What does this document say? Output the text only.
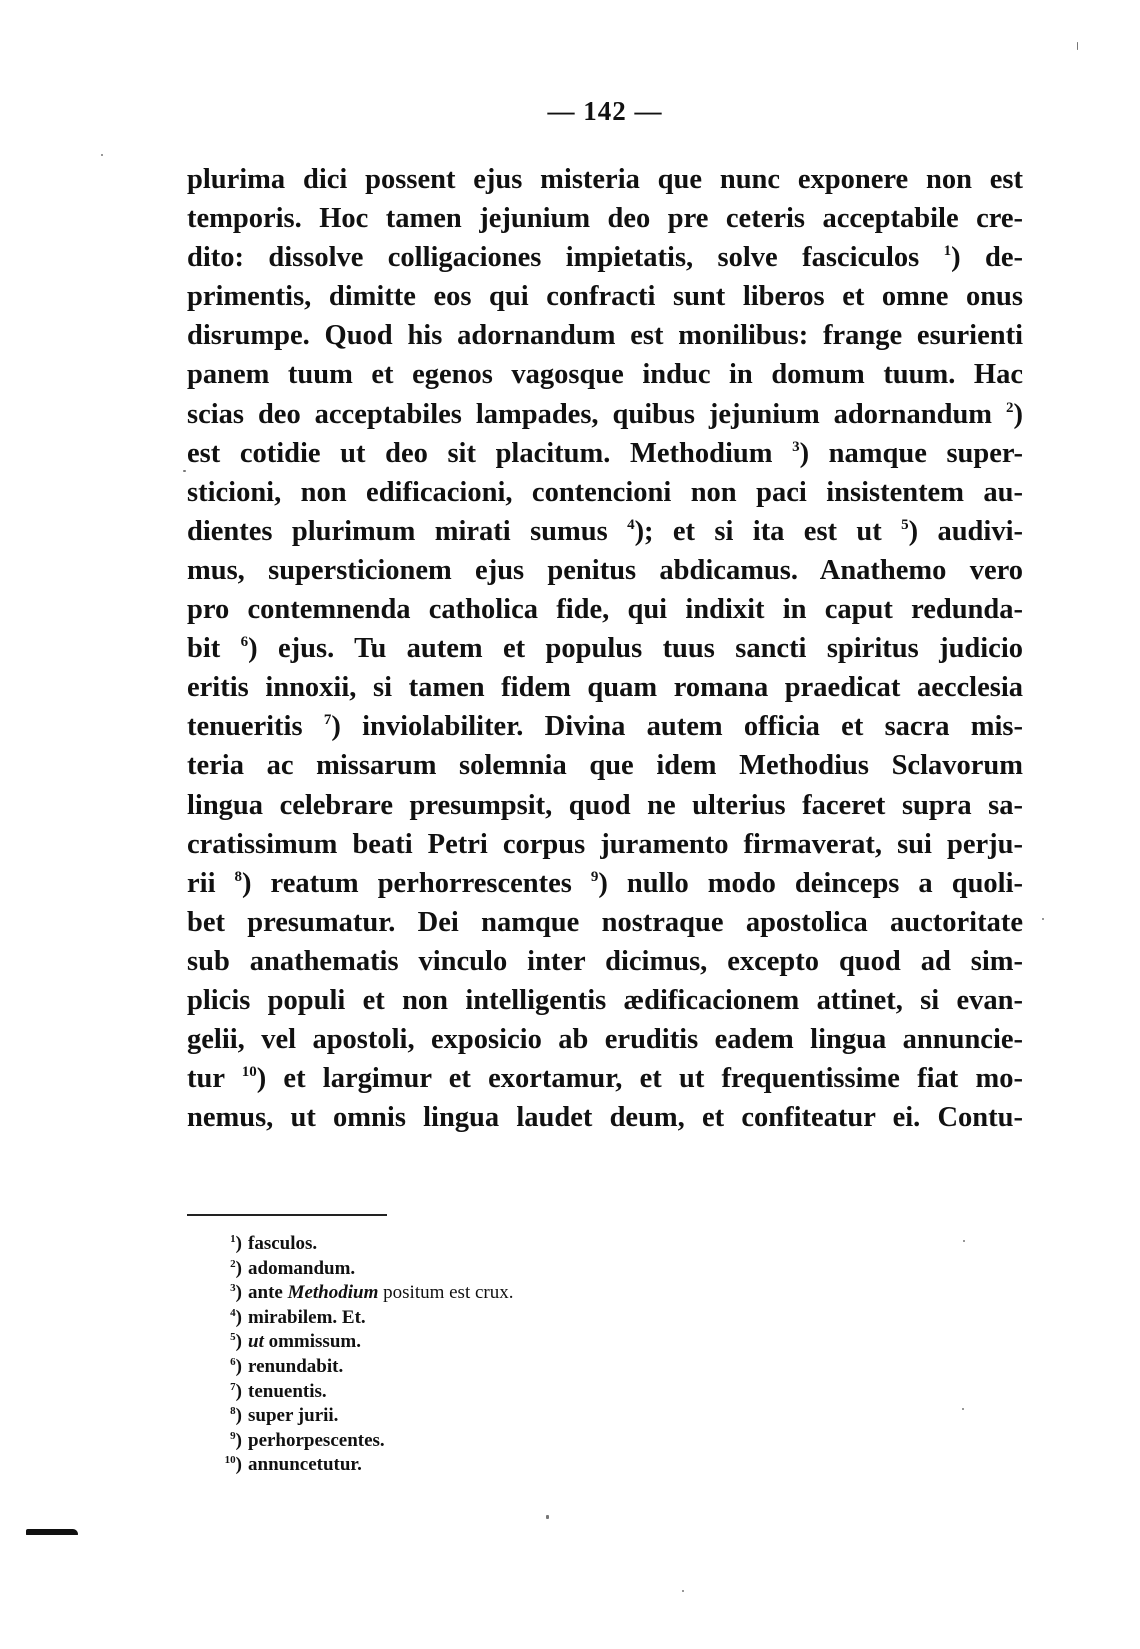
— 142 —
plurima dici possent ejus misteria que nunc exponere non est
temporis. Hoc tamen jejunium deo pre ceteris acceptabile cre-
dito: dissolve colligaciones impietatis, solve fasciculos $^1$) de-
primentis, dimitte eos qui confracti sunt liberos et omne onus
disrumpe. Quod his adornandum est monilibus: frange esurienti
panem tuum et egenos vagosque induc in domum tuum. Hac
scias deo acceptabiles lampades, quibus jejunium adornandum $^2$)
est cotidie ut deo sit placitum. Methodium $^3$) namque super-
sticioni, non edificacioni, contencioni non paci insistentem au-
dientes plurimum mirati sumus $^4$); et si ita est ut $^5$) audivi-
mus, supersticionem ejus penitus abdicamus. Anathemo vero
pro contemnenda catholica fide, qui indixit in caput redunda-
bit $^6$) ejus. Tu autem et populus tuus sancti spiritus judicio
eritis innoxii, si tamen fidem quam romana praedicat aecclesia
tenueritis $^7$) inviolabiliter. Divina autem officia et sacra mis-
teria ac missarum solemnia que idem Methodius Sclavorum
lingua celebrare presumpsit, quod ne ulterius faceret supra sa-
cratissimum beati Petri corpus juramento firmaverat, sui perju-
rii $^8$) reatum perhorrescentes $^9$) nullo modo deinceps a quoli-
bet presumatur. Dei namque nostraque apostolica auctoritate
sub anathematis vinculo inter dicimus, excepto quod ad sim-
plicis populi et non intelligentis ædificacionem attinet, si evan-
gelii, vel apostoli, exposicio ab eruditis eadem lingua annuncie-
tur $^{10}$) et largimur et exortamur, et ut frequentissime fiat mo-
nemus, ut omnis lingua laudet deum, et confiteatur ei. Contu-
$^1$) fasculos.
$^2$) adomandum.
$^3$) ante Methodium positum est crux.
$^4$) mirabilem. Et.
$^5$) ut ommissum.
$^6$) renundabit.
$^7$) tenuentis.
$^8$) super jurii.
$^9$) perhorpescentes.
$^{10}$) annuncetutur.
